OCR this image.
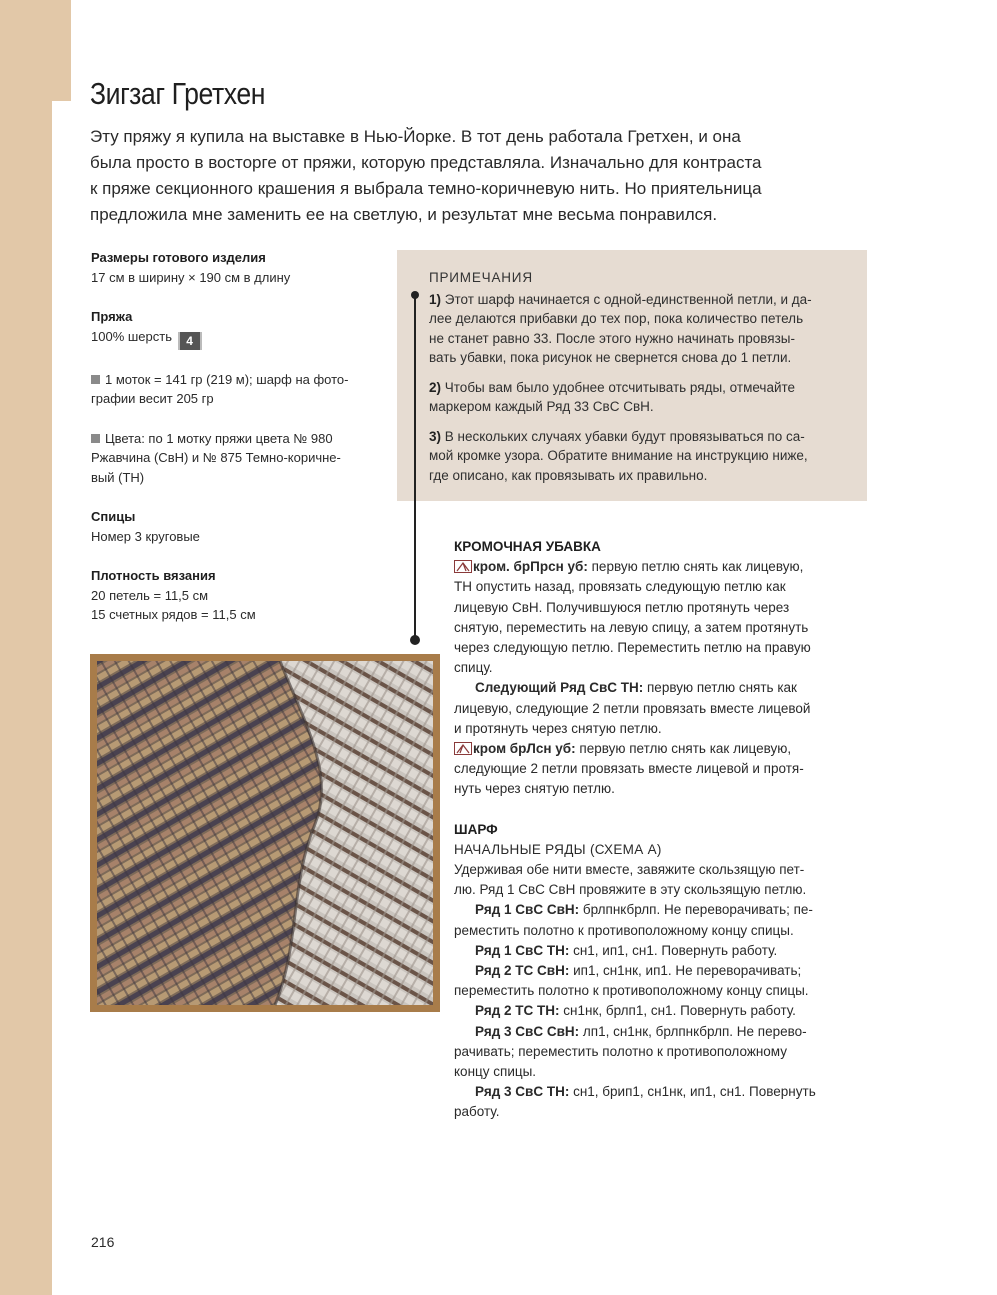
Зигзаг Гретхен

Эту пряжу я купила на выставке в Нью-Йорке. В тот день работала Гретхен, и она

была просто в восторге от пряжи, которую представляла. Изначально для контраста

к пряже секционного крашения я выбрала темно-коричневую нить. Но приятельница

предложила мне заменить ее на светлую, и результат мне весьма понравился.

Размеры готового изделия
17 см в ширину × 190 см в длину
Пряжа
100% шерсть 4
1 моток = 141 гр (219 м); шарф на фото-
графии весит 205 гр
Цвета: по 1 мотку пряжи цвета № 980
Ржавчина (СвН) и № 875 Темно-коричне-
вый (ТН)
Спицы
Номер 3 круговые
Плотность вязания
20 петель = 11,5 см
15 счетных рядов = 11,5 см
ПРИМЕЧАНИЯ
1) Этот шарф начинается с одной-единственной петли, и да-
лее делаются прибавки до тех пор, пока количество петель
не станет равно 33. После этого нужно начинать провязы-
вать убавки, пока рисунок не свернется снова до 1 петли.
2) Чтобы вам было удобнее отсчитывать ряды, отмечайте
маркером каждый Ряд 33 СвС СвН.
3) В нескольких случаях убавки будут провязываться по са-
мой кромке узора. Обратите внимание на инструкцию ниже,
где описано, как провязывать их правильно.
КРОМОЧНАЯ УБАВКА
кром. брПрсн уб: первую петлю снять как лицевую,
ТН опустить назад, провязать следующую петлю как
лицевую СвН. Получившуюся петлю протянуть через
снятую, переместить на левую спицу, а затем протянуть
через следующую петлю. Переместить петлю на правую
спицу.
Следующий Ряд СвС ТН: первую петлю снять как
лицевую, следующие 2 петли провязать вместе лицевой
и протянуть через снятую петлю.
кром брЛсн уб: первую петлю снять как лицевую,
следующие 2 петли провязать вместе лицевой и протя-
нуть через снятую петлю.
ШАРФ
НАЧАЛЬНЫЕ РЯДЫ (СХЕМА А)
Удерживая обе нити вместе, завяжите скользящую пет-
лю. Ряд 1 СвС СвН провяжите в эту скользящую петлю.
Ряд 1 СвС СвН: брлпнкбрлп. Не переворачивать; пе-
реместить полотно к противоположному концу спицы.
Ряд 1 СвС ТН: сн1, ип1, сн1. Повернуть работу.
Ряд 2 ТС СвН: ип1, сн1нк, ип1. Не переворачивать;
переместить полотно к противоположному концу спицы.
Ряд 2 ТС ТН: сн1нк, брлп1, сн1. Повернуть работу.
Ряд 3 СвС СвН: лп1, сн1нк, брлпнкбрлп. Не перево-
рачивать; переместить полотно к противоположному
концу спицы.
Ряд 3 СвС ТН: сн1, брип1, сн1нк, ип1, сн1. Повернуть
работу.
216
